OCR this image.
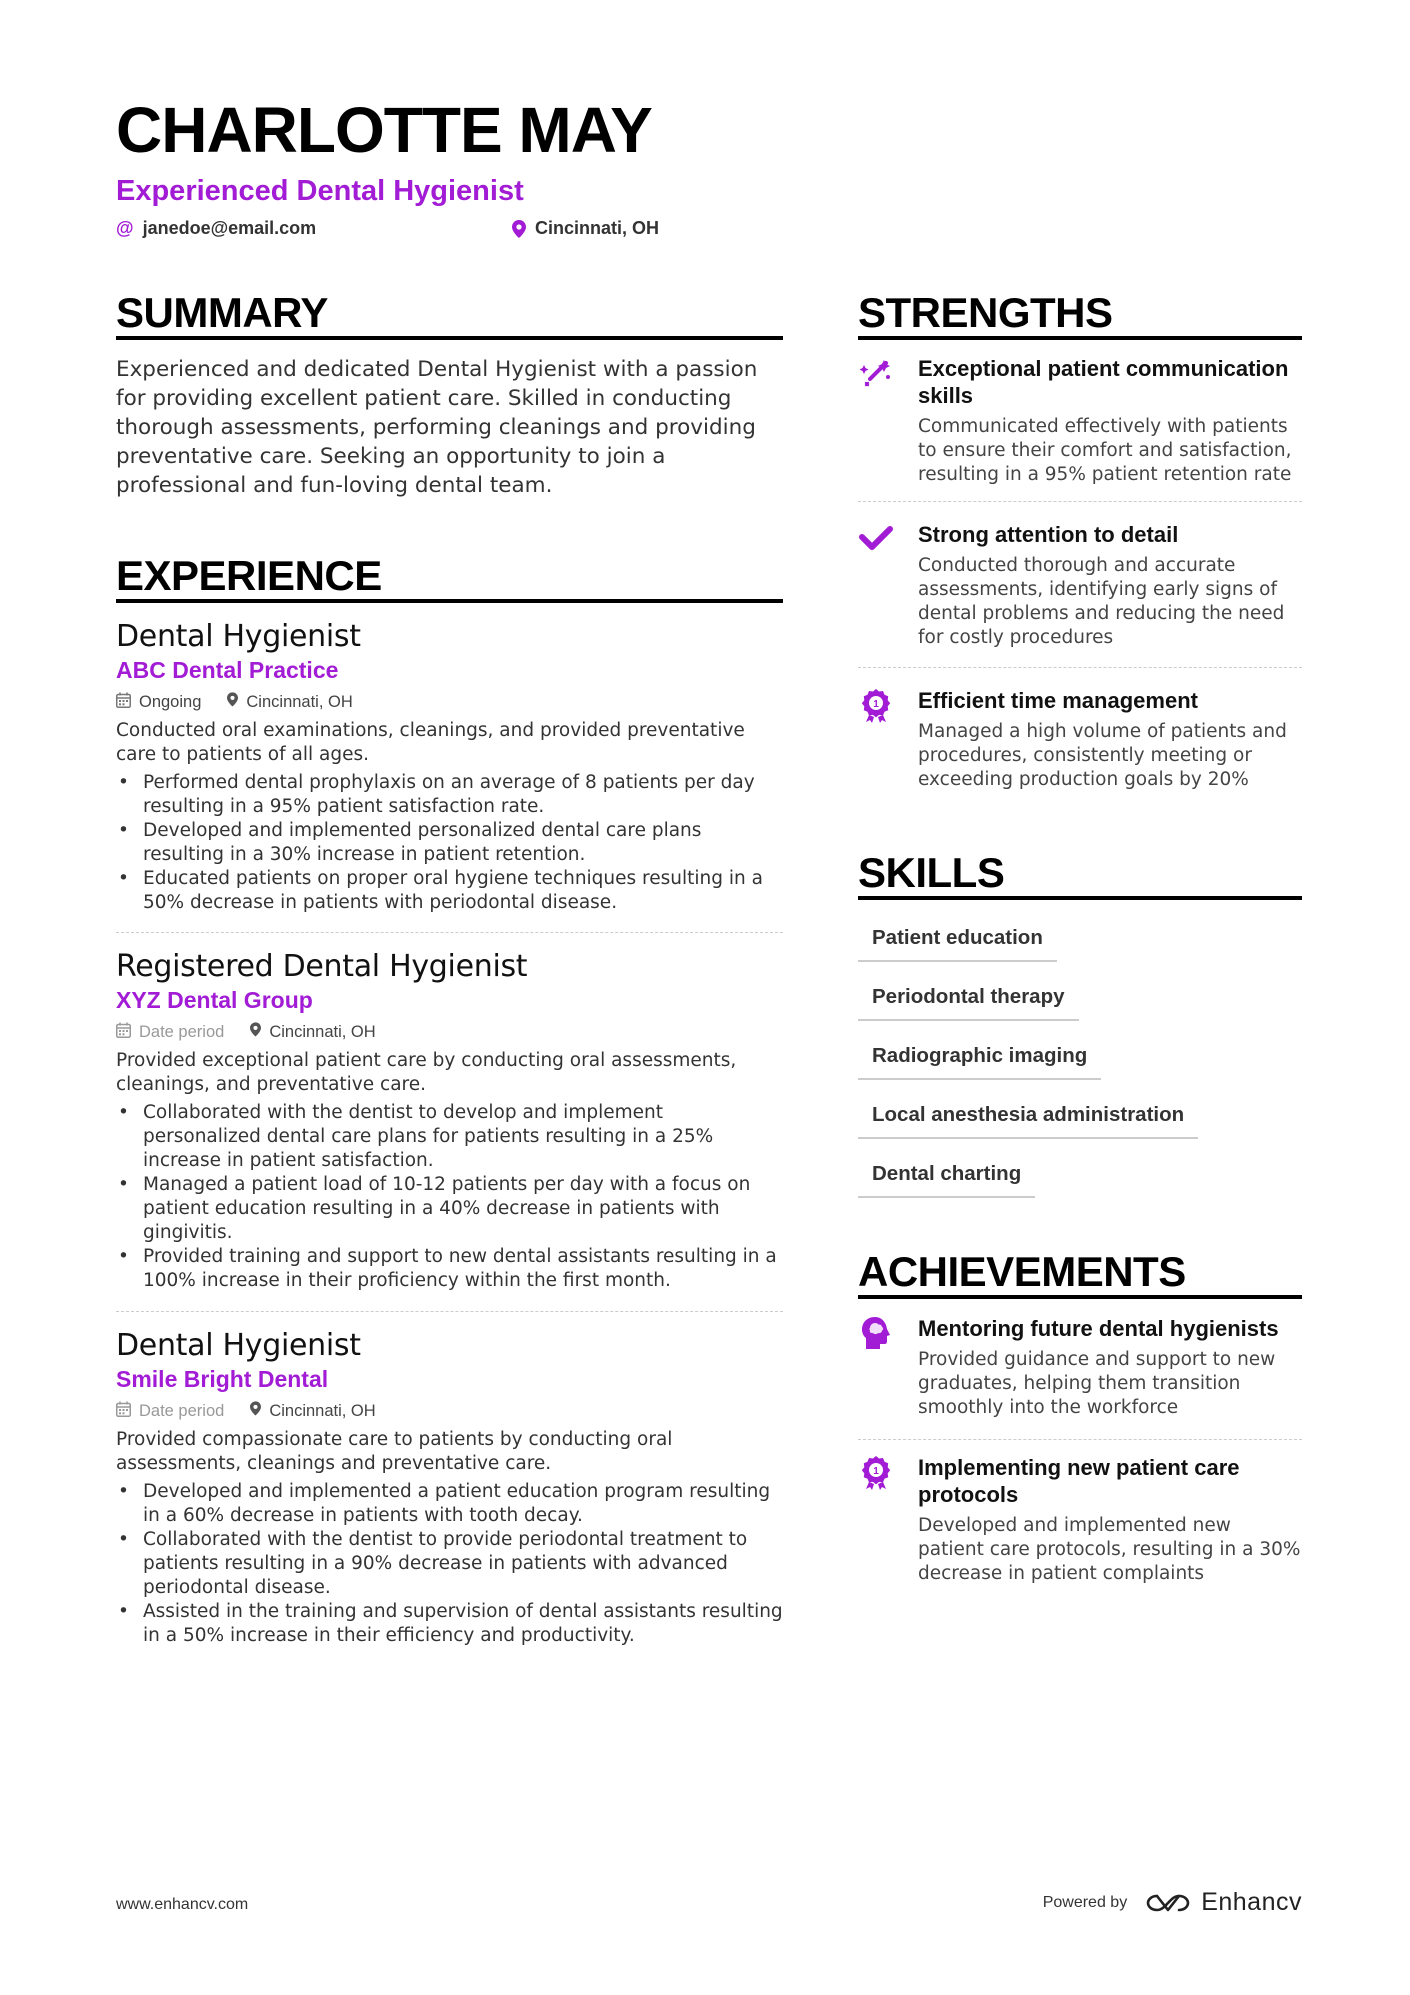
CHARLOTTE MAY
Experienced Dental Hygienist
@ janedoe@email.com	Cincinnati, OH
SUMMARY

Experienced and dedicated Dental Hygienist with a passion for providing excellent patient care. Skilled in conducting thorough assessments, performing cleanings and providing preventative care. Seeking an opportunity to join a professional and fun-loving dental team.

EXPERIENCE
Dental Hygienist
ABC Dental Practice
Ongoing	Cincinnati, OH
Conducted oral examinations, cleanings, and provided preventative care to patients of all ages.
• Performed dental prophylaxis on an average of 8 patients per day resulting in a 95% patient satisfaction rate.
• Developed and implemented personalized dental care plans resulting in a 30% increase in patient retention.
• Educated patients on proper oral hygiene techniques resulting in a 50% decrease in patients with periodontal disease.
Registered Dental Hygienist
XYZ Dental Group
Date period	Cincinnati, OH
Provided exceptional patient care by conducting oral assessments, cleanings, and preventative care.
• Collaborated with the dentist to develop and implement personalized dental care plans for patients resulting in a 25% increase in patient satisfaction.
• Managed a patient load of 10-12 patients per day with a focus on patient education resulting in a 40% decrease in patients with gingivitis.
• Provided training and support to new dental assistants resulting in a 100% increase in their proficiency within the first month.
Dental Hygienist
Smile Bright Dental
Date period	Cincinnati, OH
Provided compassionate care to patients by conducting oral assessments, cleanings and preventative care.
• Developed and implemented a patient education program resulting in a 60% decrease in patients with tooth decay.
• Collaborated with the dentist to provide periodontal treatment to patients resulting in a 90% decrease in patients with advanced periodontal disease.
• Assisted in the training and supervision of dental assistants resulting in a 50% increase in their efficiency and productivity.
STRENGTHS
Exceptional patient communication skills
Communicated effectively with patients to ensure their comfort and satisfaction, resulting in a 95% patient retention rate
Strong attention to detail
Conducted thorough and accurate assessments, identifying early signs of dental problems and reducing the need for costly procedures
1 Efficient time management
Managed a high volume of patients and procedures, consistently meeting or exceeding production goals by 20%
SKILLS
Patient education
Periodontal therapy
Radiographic imaging
Local anesthesia administration
Dental charting
ACHIEVEMENTS
Mentoring future dental hygienists
Provided guidance and support to new graduates, helping them transition smoothly into the workforce
1 Implementing new patient care protocols
Developed and implemented new patient care protocols, resulting in a 30% decrease in patient complaints
www.enhancv.com	Powered by	Enhancv
